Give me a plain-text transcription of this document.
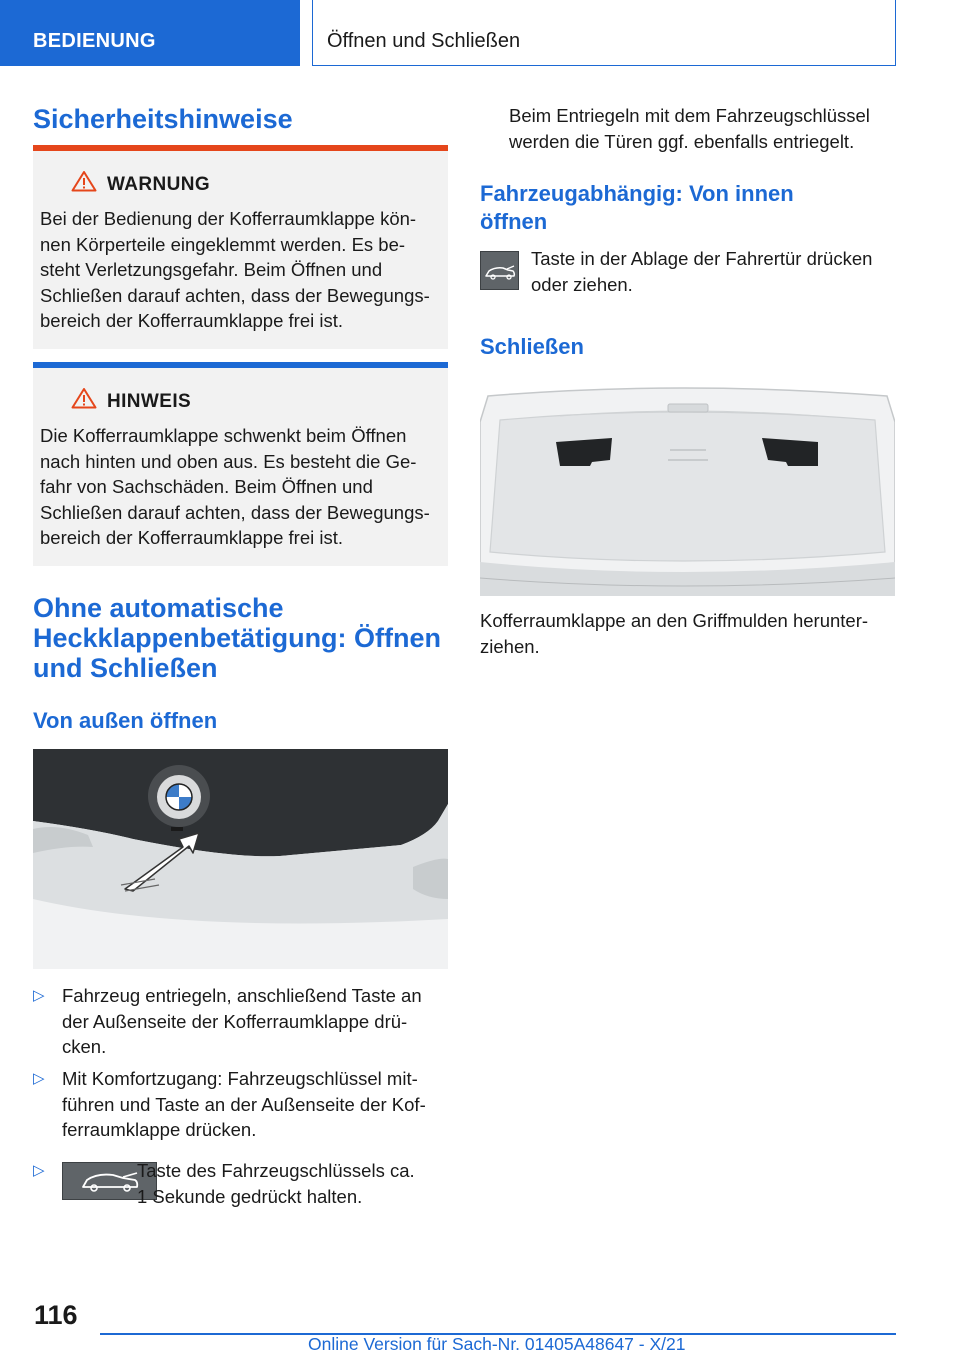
BEDIENUNG	Öffnen und Schließen
Sicherheitshinweise
WARNUNG
Bei der Bedienung der Kofferraumklappe kön-
nen Körperteile eingeklemmt werden. Es be-
steht Verletzungsgefahr. Beim Öffnen und
Schließen darauf achten, dass der Bewegungs-
bereich der Kofferraumklappe frei ist.
HINWEIS
Die Kofferraumklappe schwenkt beim Öffnen
nach hinten und oben aus. Es besteht die Ge-
fahr von Sachschäden. Beim Öffnen und
Schließen darauf achten, dass der Bewegungs-
bereich der Kofferraumklappe frei ist.
Ohne automatische
Heckklappenbetätigung: Öffnen
und Schließen
Von außen öffnen
▷ Fahrzeug entriegeln, anschließend Taste an
der Außenseite der Kofferraumklappe drü-
cken.
▷ Mit Komfortzugang: Fahrzeugschlüssel mit-
führen und Taste an der Außenseite der Kof-
ferraumklappe drücken.
▷	Taste des Fahrzeugschlüssels ca.
1 Sekunde gedrückt halten.
Beim Entriegeln mit dem Fahrzeugschlüssel
werden die Türen ggf. ebenfalls entriegelt.
Fahrzeugabhängig: Von innen
öffnen
Taste in der Ablage der Fahrertür drücken
oder ziehen.
Schließen
Kofferraumklappe an den Griffmulden herunter-
ziehen.
116
Online Version für Sach-Nr. 01405A48647 - X/21
